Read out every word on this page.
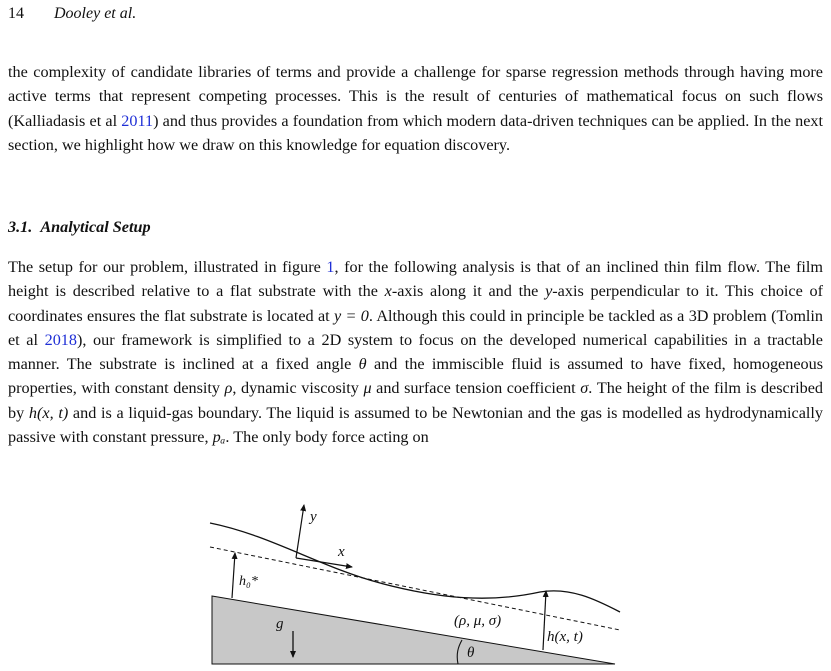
14 Dooley et al.

the complexity of candidate libraries of terms and provide a challenge for sparse regression methods through having more active terms that represent competing processes. This is the result of centuries of mathematical focus on such flows (Kalliadasis et al 2011) and thus provides a foundation from which modern data-driven techniques can be applied. In the next section, we highlight how we draw on this knowledge for equation discovery.

3.1. Analytical Setup

The setup for our problem, illustrated in figure 1, for the following analysis is that of an inclined thin film flow. The film height is described relative to a flat substrate with the x-axis along it and the y-axis perpendicular to it. This choice of coordinates ensures the flat substrate is located at y = 0. Although this could in principle be tackled as a 3D problem (Tomlin et al 2018), our framework is simplified to a 2D system to focus on the developed numerical capabilities in a tractable manner. The substrate is inclined at a fixed angle θ and the immiscible fluid is assumed to have fixed, homogeneous properties, with constant density ρ, dynamic viscosity μ and surface tension coefficient σ. The height of the film is described by h(x, t) and is a liquid-gas boundary. The liquid is assumed to be Newtonian and the gas is modelled as hydrodynamically passive with constant pressure, pₐ. The only body force acting on

y
x
h₀*
g	(ρ, μ, σ)
h(x, t)
θ
